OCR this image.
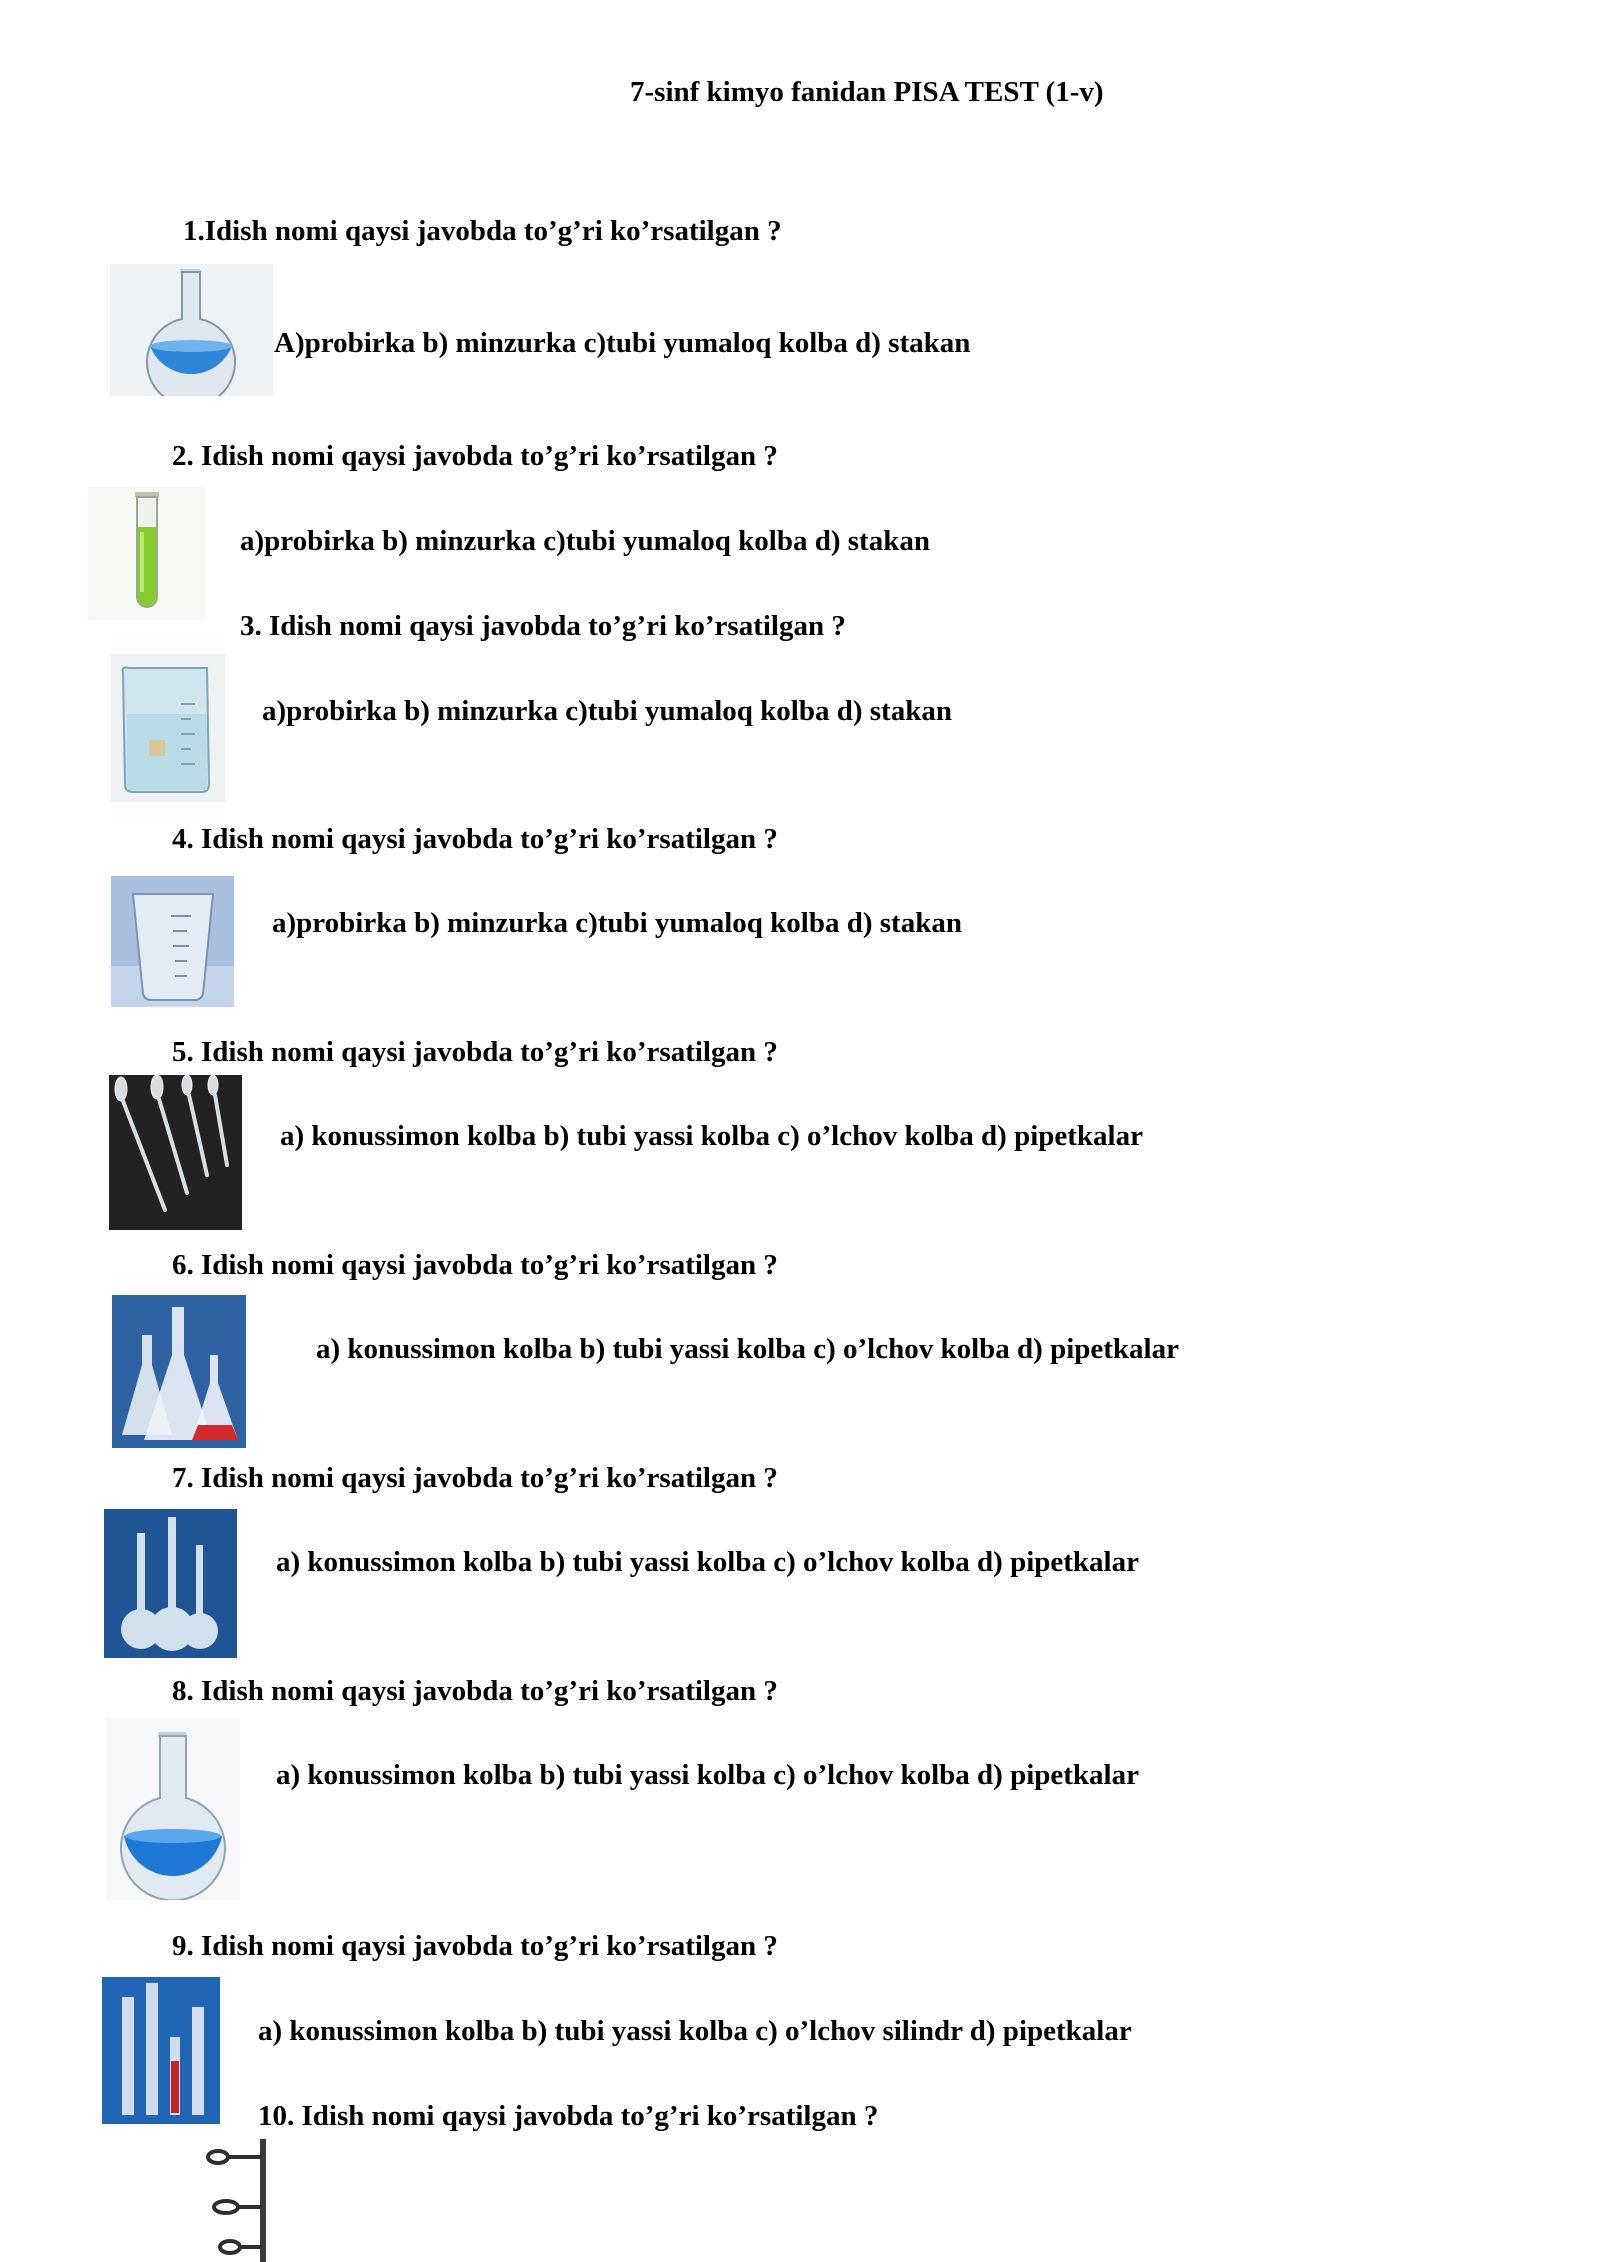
7-sinf kimyo fanidan PISA TEST (1-v)
1.Idish nomi qaysi javobda to’g’ri ko’rsatilgan ?
A)probirka b) minzurka c)tubi yumaloq kolba d) stakan
2. Idish nomi qaysi javobda to’g’ri ko’rsatilgan ?
a)probirka b) minzurka c)tubi yumaloq kolba d) stakan
3. Idish nomi qaysi javobda to’g’ri ko’rsatilgan ?
a)probirka b) minzurka c)tubi yumaloq kolba d) stakan
4. Idish nomi qaysi javobda to’g’ri ko’rsatilgan ?
a)probirka b) minzurka c)tubi yumaloq kolba d) stakan
5. Idish nomi qaysi javobda to’g’ri ko’rsatilgan ?
a) konussimon kolba b) tubi yassi kolba c) o’lchov kolba d) pipetkalar
6. Idish nomi qaysi javobda to’g’ri ko’rsatilgan ?
a) konussimon kolba b) tubi yassi kolba c) o’lchov kolba d) pipetkalar
7. Idish nomi qaysi javobda to’g’ri ko’rsatilgan ?
a) konussimon kolba b) tubi yassi kolba c) o’lchov kolba d) pipetkalar
8. Idish nomi qaysi javobda to’g’ri ko’rsatilgan ?
a) konussimon kolba b) tubi yassi kolba c) o’lchov kolba d) pipetkalar
9. Idish nomi qaysi javobda to’g’ri ko’rsatilgan ?
a) konussimon kolba b) tubi yassi kolba c) o’lchov silindr d) pipetkalar
10. Idish nomi qaysi javobda to’g’ri ko’rsatilgan ?
